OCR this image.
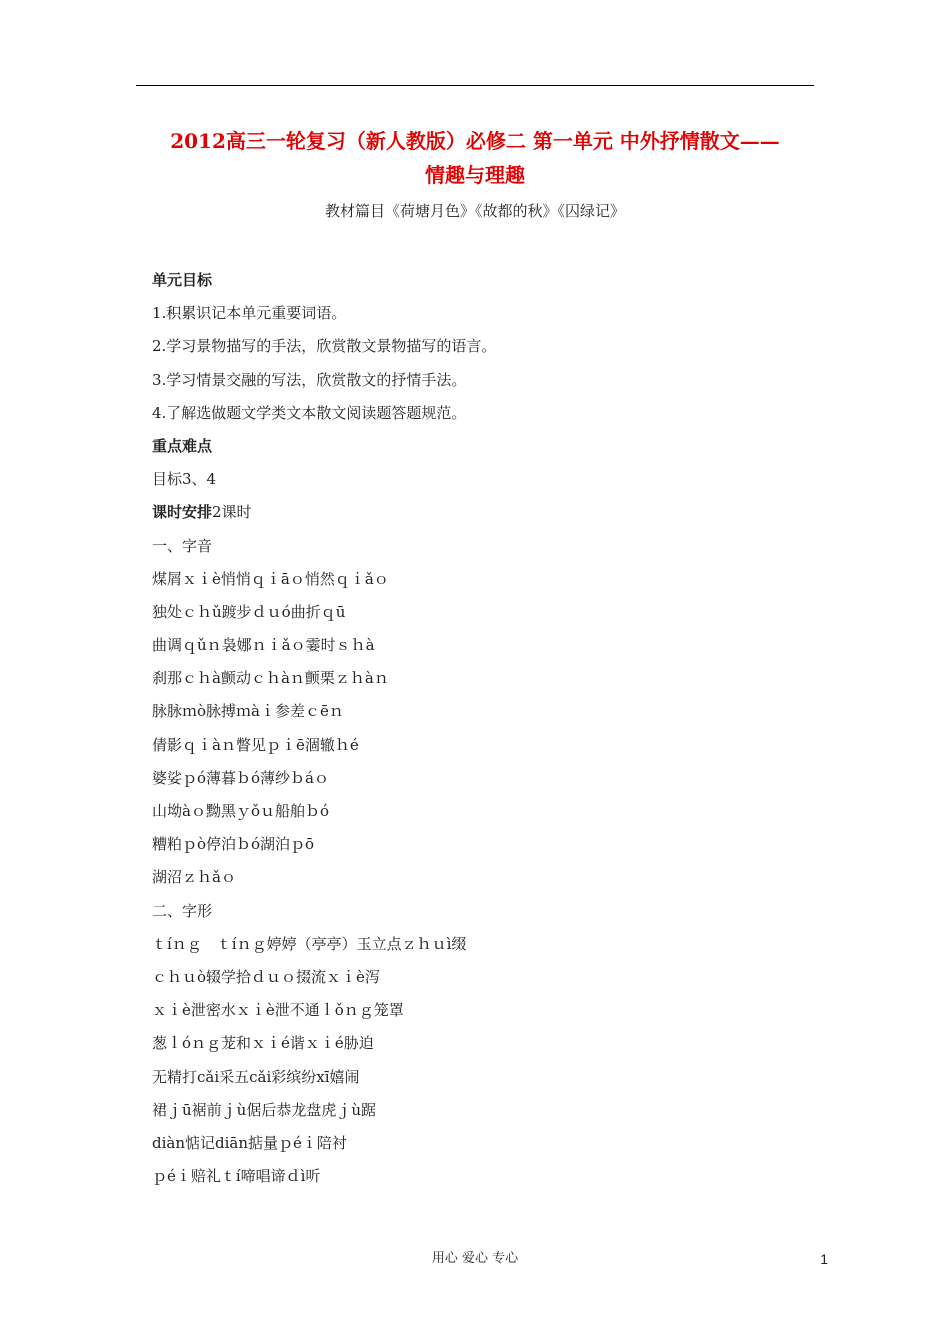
2012高三一轮复习（新人教版）必修二 第一单元 中外抒情散文——
情趣与理趣
教材篇目《荷塘月色》《故都的秋》《囚绿记》
单元目标
1.积累识记本单元重要词语。
2.学习景物描写的手法，欣赏散文景物描写的语言。
3.学习情景交融的写法，欣赏散文的抒情手法。
4.了解选做题文学类文本散文阅读题答题规范。
重点难点
目标3、4
课时安排2课时
一、字音
煤屑ｘｉè悄悄ｑｉāｏ悄然ｑｉǎｏ
独处ｃｈǔ踱步ｄｕó曲折ｑū
曲调ｑǔｎ袅娜ｎｉǎｏ霎时ｓｈà
刹那ｃｈà颤动ｃｈàｎ颤栗ｚｈàｎ
脉脉ｍò脉搏ｍàｉ参差ｃēｎ
倩影ｑｉàｎ瞥见ｐｉē涸辙ｈé
婆娑ｐó薄暮ｂó薄纱ｂáｏ
山坳àｏ黝黑ｙǒｕ船舶ｂó
糟粕ｐò停泊ｂó湖泊ｐō
湖沼ｚｈǎｏ
二、字形
ｔíｎｇ　ｔíｎｇ婷婷（亭亭）玉立点ｚｈｕì缀
ｃｈｕò辍学拾ｄｕｏ掇流ｘｉè泻
ｘｉè泄密水ｘｉè泄不通ｌǒｎｇ笼罩
葱ｌóｎｇ茏和ｘｉé谐ｘｉé胁迫
无精打cǎi采五cǎi彩缤纷xī嬉闹
裙ｊū裾前ｊù倨后恭龙盘虎ｊù踞
diàn惦记diān掂量ｐéｉ陪衬
ｐéｉ赔礼ｔí啼唱谛ｄì听
用心 爱心 专心	1
